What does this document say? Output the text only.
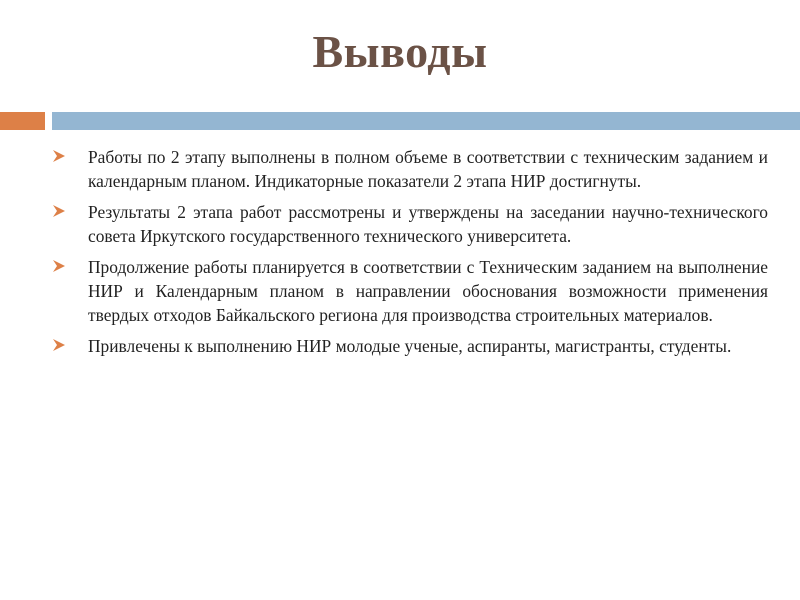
Выводы
Работы по 2 этапу выполнены в полном объеме в соответствии с техническим заданием и календарным планом. Индикаторные показатели 2 этапа НИР достигнуты.
Результаты 2 этапа работ рассмотрены и утверждены на заседании научно-технического совета Иркутского государственного технического университета.
Продолжение работы планируется в соответствии с Техническим заданием на выполнение НИР и Календарным планом в направлении обоснования возможности применения твердых отходов Байкальского региона для производства строительных материалов.
Привлечены к выполнению НИР молодые ученые, аспиранты, магистранты, студенты.
